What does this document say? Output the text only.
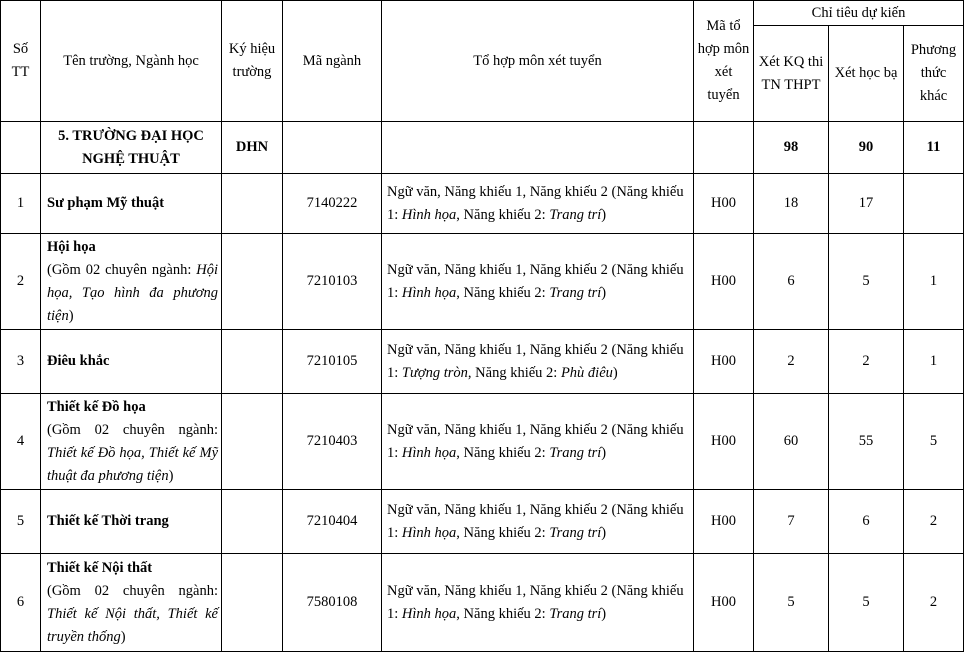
Số TT	Tên trường, Ngành học	Ký hiệu trường	Mã ngành	Tổ hợp môn xét tuyển	Mã tổ hợp môn xét tuyển	Chỉ tiêu dự kiến		
						Xét KQ thi TN THPT	Xét học bạ	Phương thức khác
	5. TRƯỜNG ĐẠI HỌC NGHỆ THUẬT	DHN				98	90	11
1	Sư phạm Mỹ thuật		7140222	Ngữ văn, Năng khiếu 1, Năng khiếu 2 (Năng khiếu 1: Hình họa, Năng khiếu 2: Trang trí)	H00	18	17	
2	Hội họa
(Gồm 02 chuyên ngành: Hội họa, Tạo hình đa phương tiện)		7210103	Ngữ văn, Năng khiếu 1, Năng khiếu 2 (Năng khiếu 1: Hình họa, Năng khiếu 2: Trang trí)	H00	6	5	1
3	Điêu khắc		7210105	Ngữ văn, Năng khiếu 1, Năng khiếu 2 (Năng khiếu 1: Tượng tròn, Năng khiếu 2: Phù điêu)	H00	2	2	1
4	Thiết kế Đồ họa
(Gồm 02 chuyên ngành: Thiết kế Đồ họa, Thiết kế Mỹ thuật đa phương tiện)		7210403	Ngữ văn, Năng khiếu 1, Năng khiếu 2 (Năng khiếu 1: Hình họa, Năng khiếu 2: Trang trí)	H00	60	55	5
5	Thiết kế Thời trang		7210404	Ngữ văn, Năng khiếu 1, Năng khiếu 2 (Năng khiếu 1: Hình họa, Năng khiếu 2: Trang trí)	H00	7	6	2
6	Thiết kế Nội thất
(Gồm 02 chuyên ngành: Thiết kế Nội thất, Thiết kế truyền thống)		7580108	Ngữ văn, Năng khiếu 1, Năng khiếu 2 (Năng khiếu 1: Hình họa, Năng khiếu 2: Trang trí)	H00	5	5	2
